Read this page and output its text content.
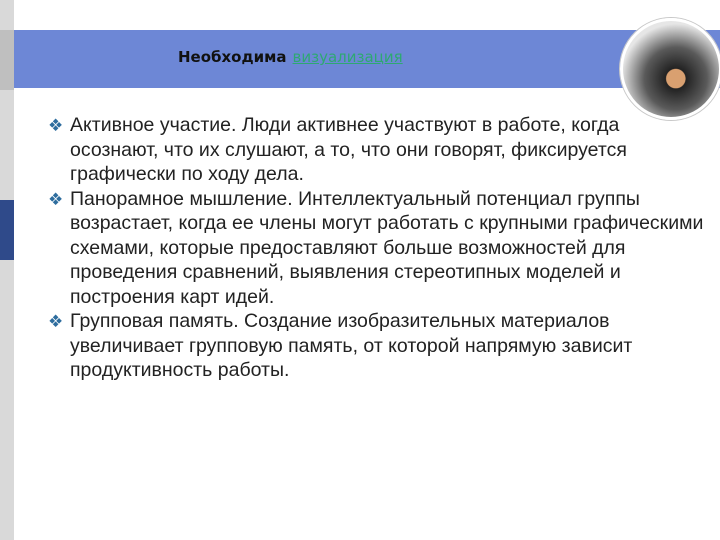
Необходима визуализация

❖ Активное участие. Люди активнее участвуют в работе, когда осознают, что их слушают, а то, что они говорят, фиксируется графически по ходу дела.

❖ Панорамное мышление. Интеллектуальный потенциал группы возрастает, когда ее члены могут работать с крупными графическими схемами, которые предоставляют больше возможностей для проведения сравнений, выявления стереотипных моделей и построения карт идей.

❖ Групповая память. Создание изобразительных материалов увеличивает групповую память, от которой напрямую зависит продуктивность работы.
